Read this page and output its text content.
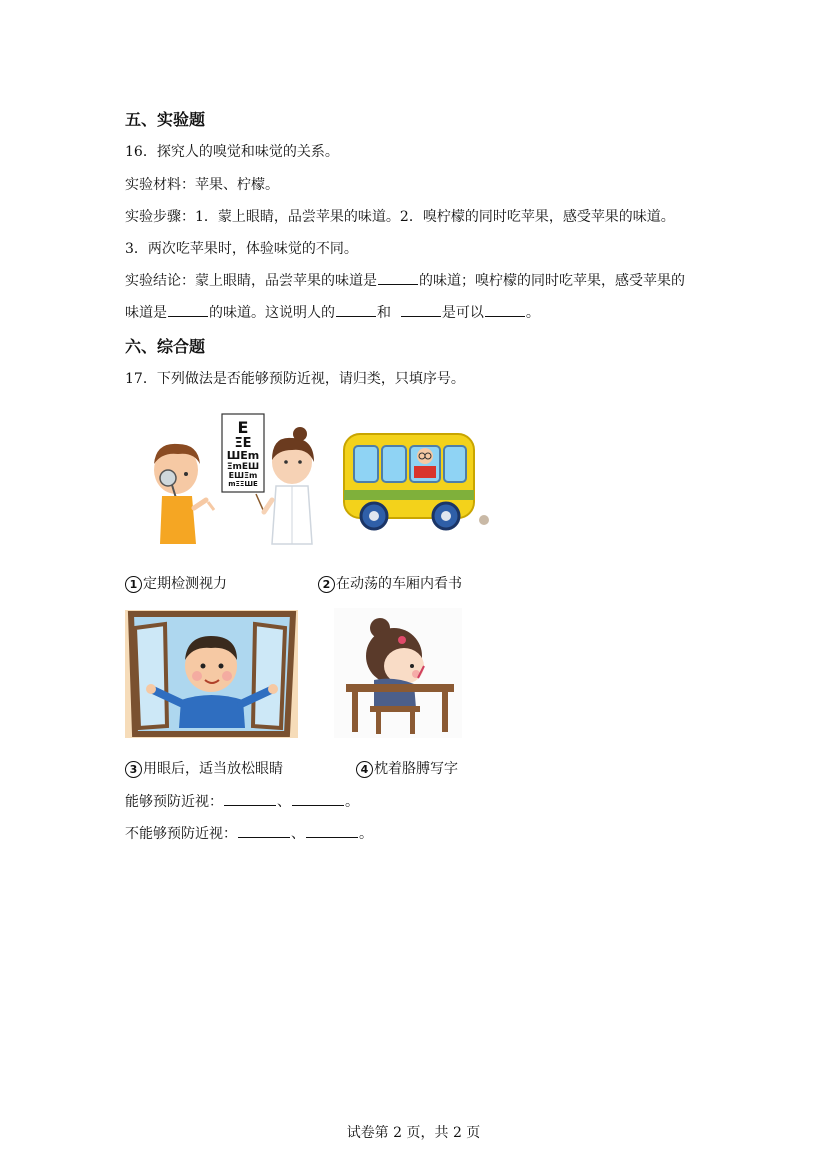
五、实验题
16．探究人的嗅觉和味觉的关系。
实验材料：苹果、柠檬。
实验步骤：1．蒙上眼睛，品尝苹果的味道。2．嗅柠檬的同时吃苹果，感受苹果的味道。
3．两次吃苹果时，体验味觉的不同。
实验结论：蒙上眼睛，品尝苹果的味道是	的味道；嗅柠檬的同时吃苹果，感受苹果的
味道是	的味道。这说明人的	和	是可以	。
六、综合题
17．下列做法是否能够预防近视，请归类，只填序号。
E
ΞE
ШEm
ΞmEШ
EШΞm
mΞΞШE
1 定期检测视力	2 在动荡的车厢内看书
3 用眼后，适当放松眼睛	4 枕着胳膊写字
能够预防近视：	、	。
不能够预防近视：	、	。
试卷第 2 页，共 2 页
